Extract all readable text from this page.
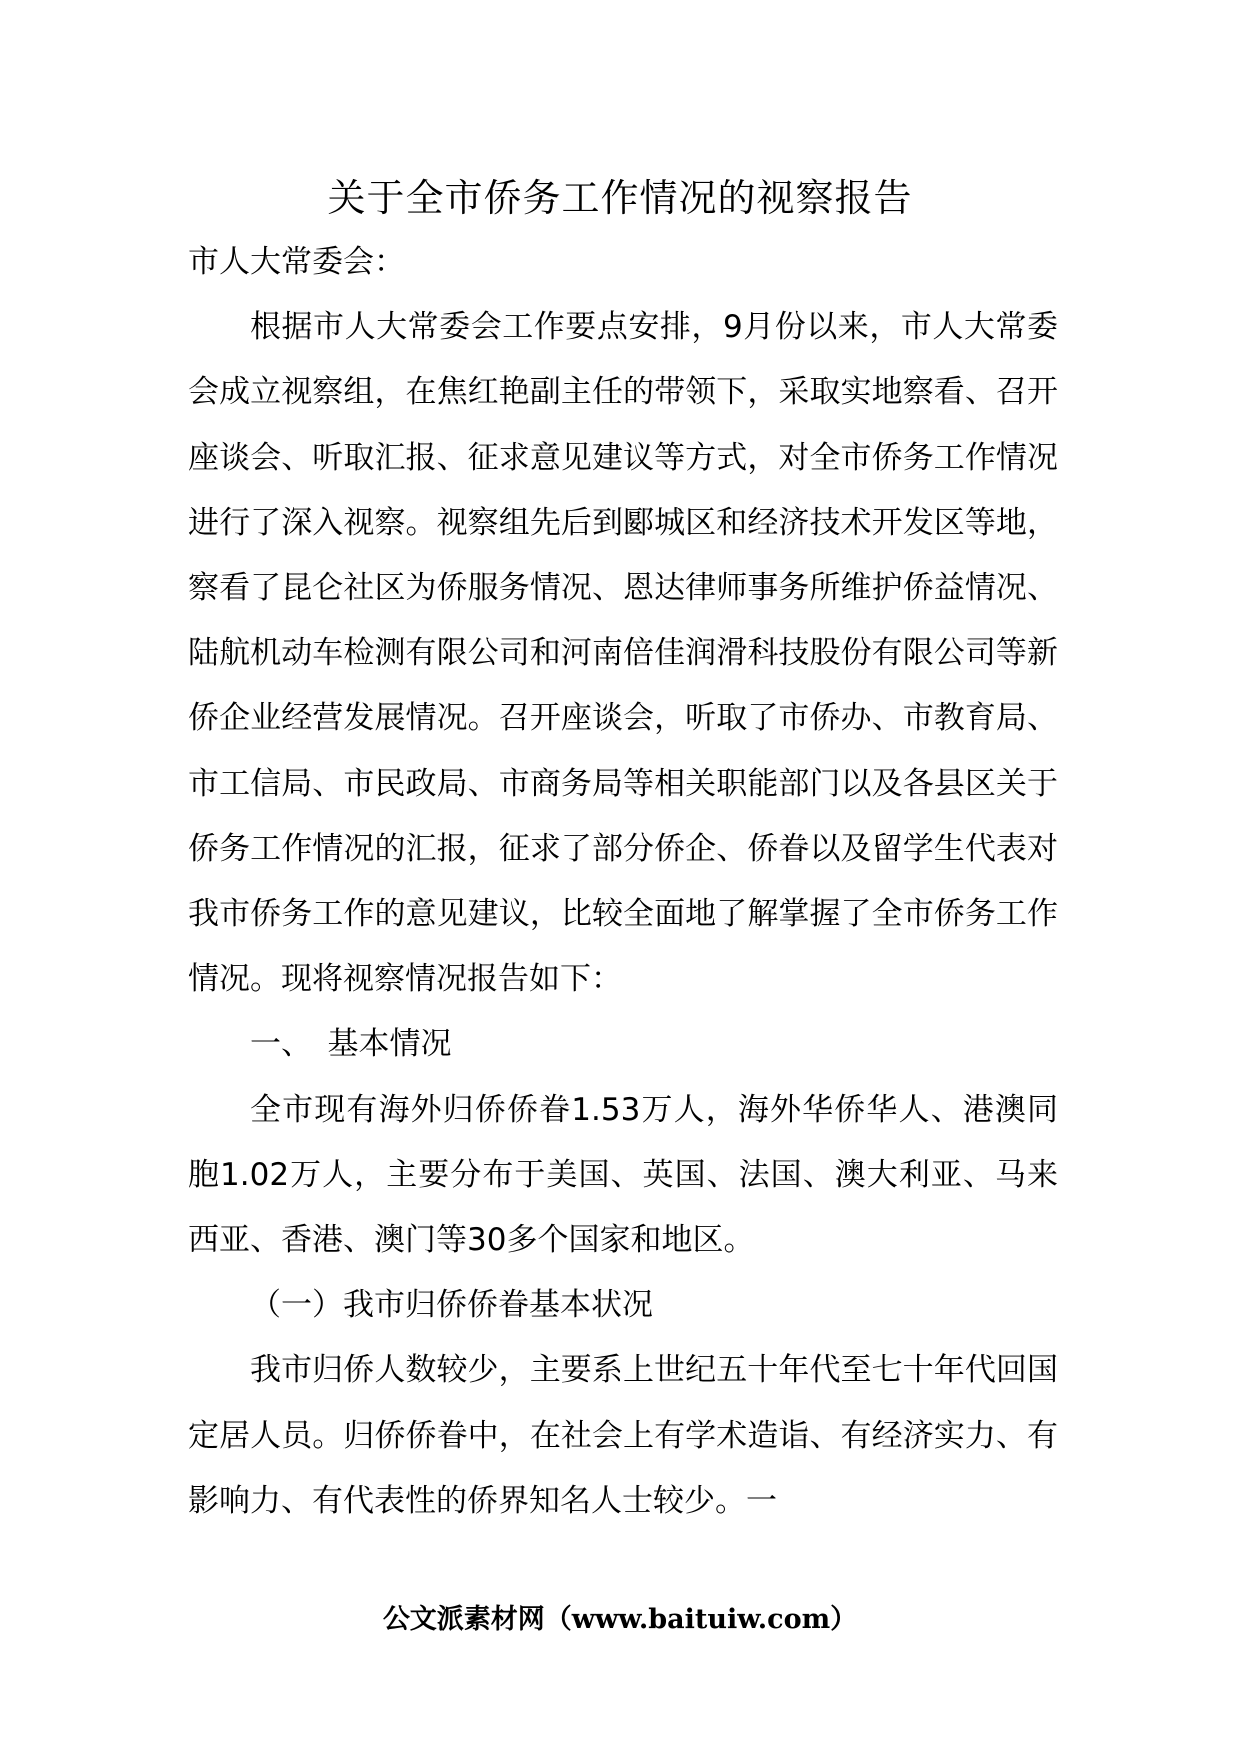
关于全市侨务工作情况的视察报告

市人大常委会：

根据市人大常委会工作要点安排，9月份以来，市人大常委会成立视察组，在焦红艳副主任的带领下，采取实地察看、召开座谈会、听取汇报、征求意见建议等方式，对全市侨务工作情况进行了深入视察。视察组先后到郾城区和经济技术开发区等地，察看了昆仑社区为侨服务情况、恩达律师事务所维护侨益情况、陆航机动车检测有限公司和河南倍佳润滑科技股份有限公司等新侨企业经营发展情况。召开座谈会，听取了市侨办、市教育局、市工信局、市民政局、市商务局等相关职能部门以及各县区关于侨务工作情况的汇报，征求了部分侨企、侨眷以及留学生代表对我市侨务工作的意见建议，比较全面地了解掌握了全市侨务工作情况。现将视察情况报告如下：

一、　基本情况

全市现有海外归侨侨眷1.53万人，海外华侨华人、港澳同胞1.02万人，主要分布于美国、英国、法国、澳大利亚、马来西亚、香港、澳门等30多个国家和地区。

（一）我市归侨侨眷基本状况

我市归侨人数较少，主要系上世纪五十年代至七十年代回国定居人员。归侨侨眷中，在社会上有学术造诣、有经济实力、有影响力、有代表性的侨界知名人士较少。一

公文派素材网（www.baituiw.com）
